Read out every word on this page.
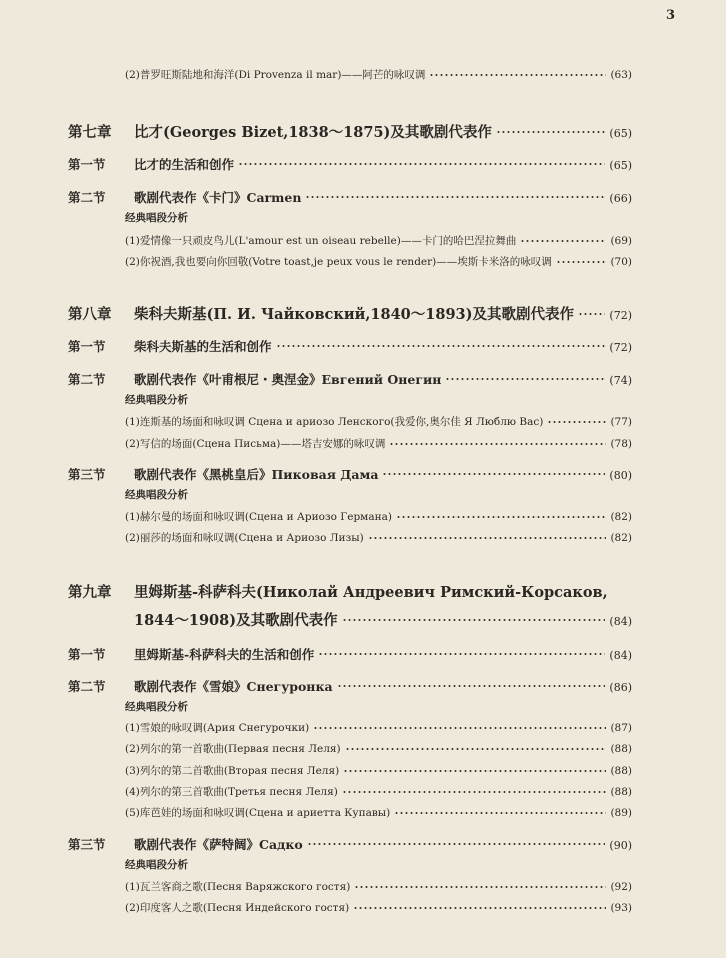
3
(2)普罗旺斯陆地和海洋(Di Provenza il mar)——阿芒的咏叹调	(63)
第七章 比才(Georges Bizet,1838～1875)及其歌剧代表作	(65)
第一节 比才的生活和创作	(65)
第二节 歌剧代表作《卡门》Carmen	(66)
经典唱段分析
(1)爱情像一只顽皮鸟儿(L'amour est un oiseau rebelle)——卡门的哈巴涅拉舞曲	(69)
(2)你祝酒,我也要向你回敬(Votre toast,je peux vous le render)——埃斯卡米洛的咏叹调	(70)
第八章 柴科夫斯基(П. И. Чайковский,1840～1893)及其歌剧代表作	(72)
第一节 柴科夫斯基的生活和创作	(72)
第二节 歌剧代表作《叶甫根尼・奥涅金》Евгений Онегин	(74)
经典唱段分析
(1)连斯基的场面和咏叹调 Сцена и ариозо Ленского(我爱你,奥尔佳 Я Люблю Вас)	(77)
(2)写信的场面(Сцена Письма)——塔吉安娜的咏叹调	(78)
第三节 歌剧代表作《黑桃皇后》Пиковая Дама	(80)
经典唱段分析
(1)赫尔曼的场面和咏叹调(Сцена и Ариозо Германа)	(82)
(2)丽莎的场面和咏叹调(Сцена и Ариозо Лизы)	(82)
第九章 里姆斯基-科萨科夫(Николай Андреевич Римский-Корсаков,
1844～1908)及其歌剧代表作	(84)
第一节 里姆斯基-科萨科夫的生活和创作	(84)
第二节 歌剧代表作《雪娘》Снегуронка	(86)
经典唱段分析
(1)雪娘的咏叹调(Ария Снегурочки)	(87)
(2)列尔的第一首歌曲(Первая песня Леля)	(88)
(3)列尔的第二首歌曲(Вторая песня Леля)	(88)
(4)列尔的第三首歌曲(Третья песня Леля)	(88)
(5)库芭娃的场面和咏叹调(Сцена и ариетта Купавы)	(89)
第三节 歌剧代表作《萨特阔》Садко	(90)
经典唱段分析
(1)瓦兰客商之歌(Песня Варяжского гостя)	(92)
(2)印度客人之歌(Песня Индейского гостя)	(93)
